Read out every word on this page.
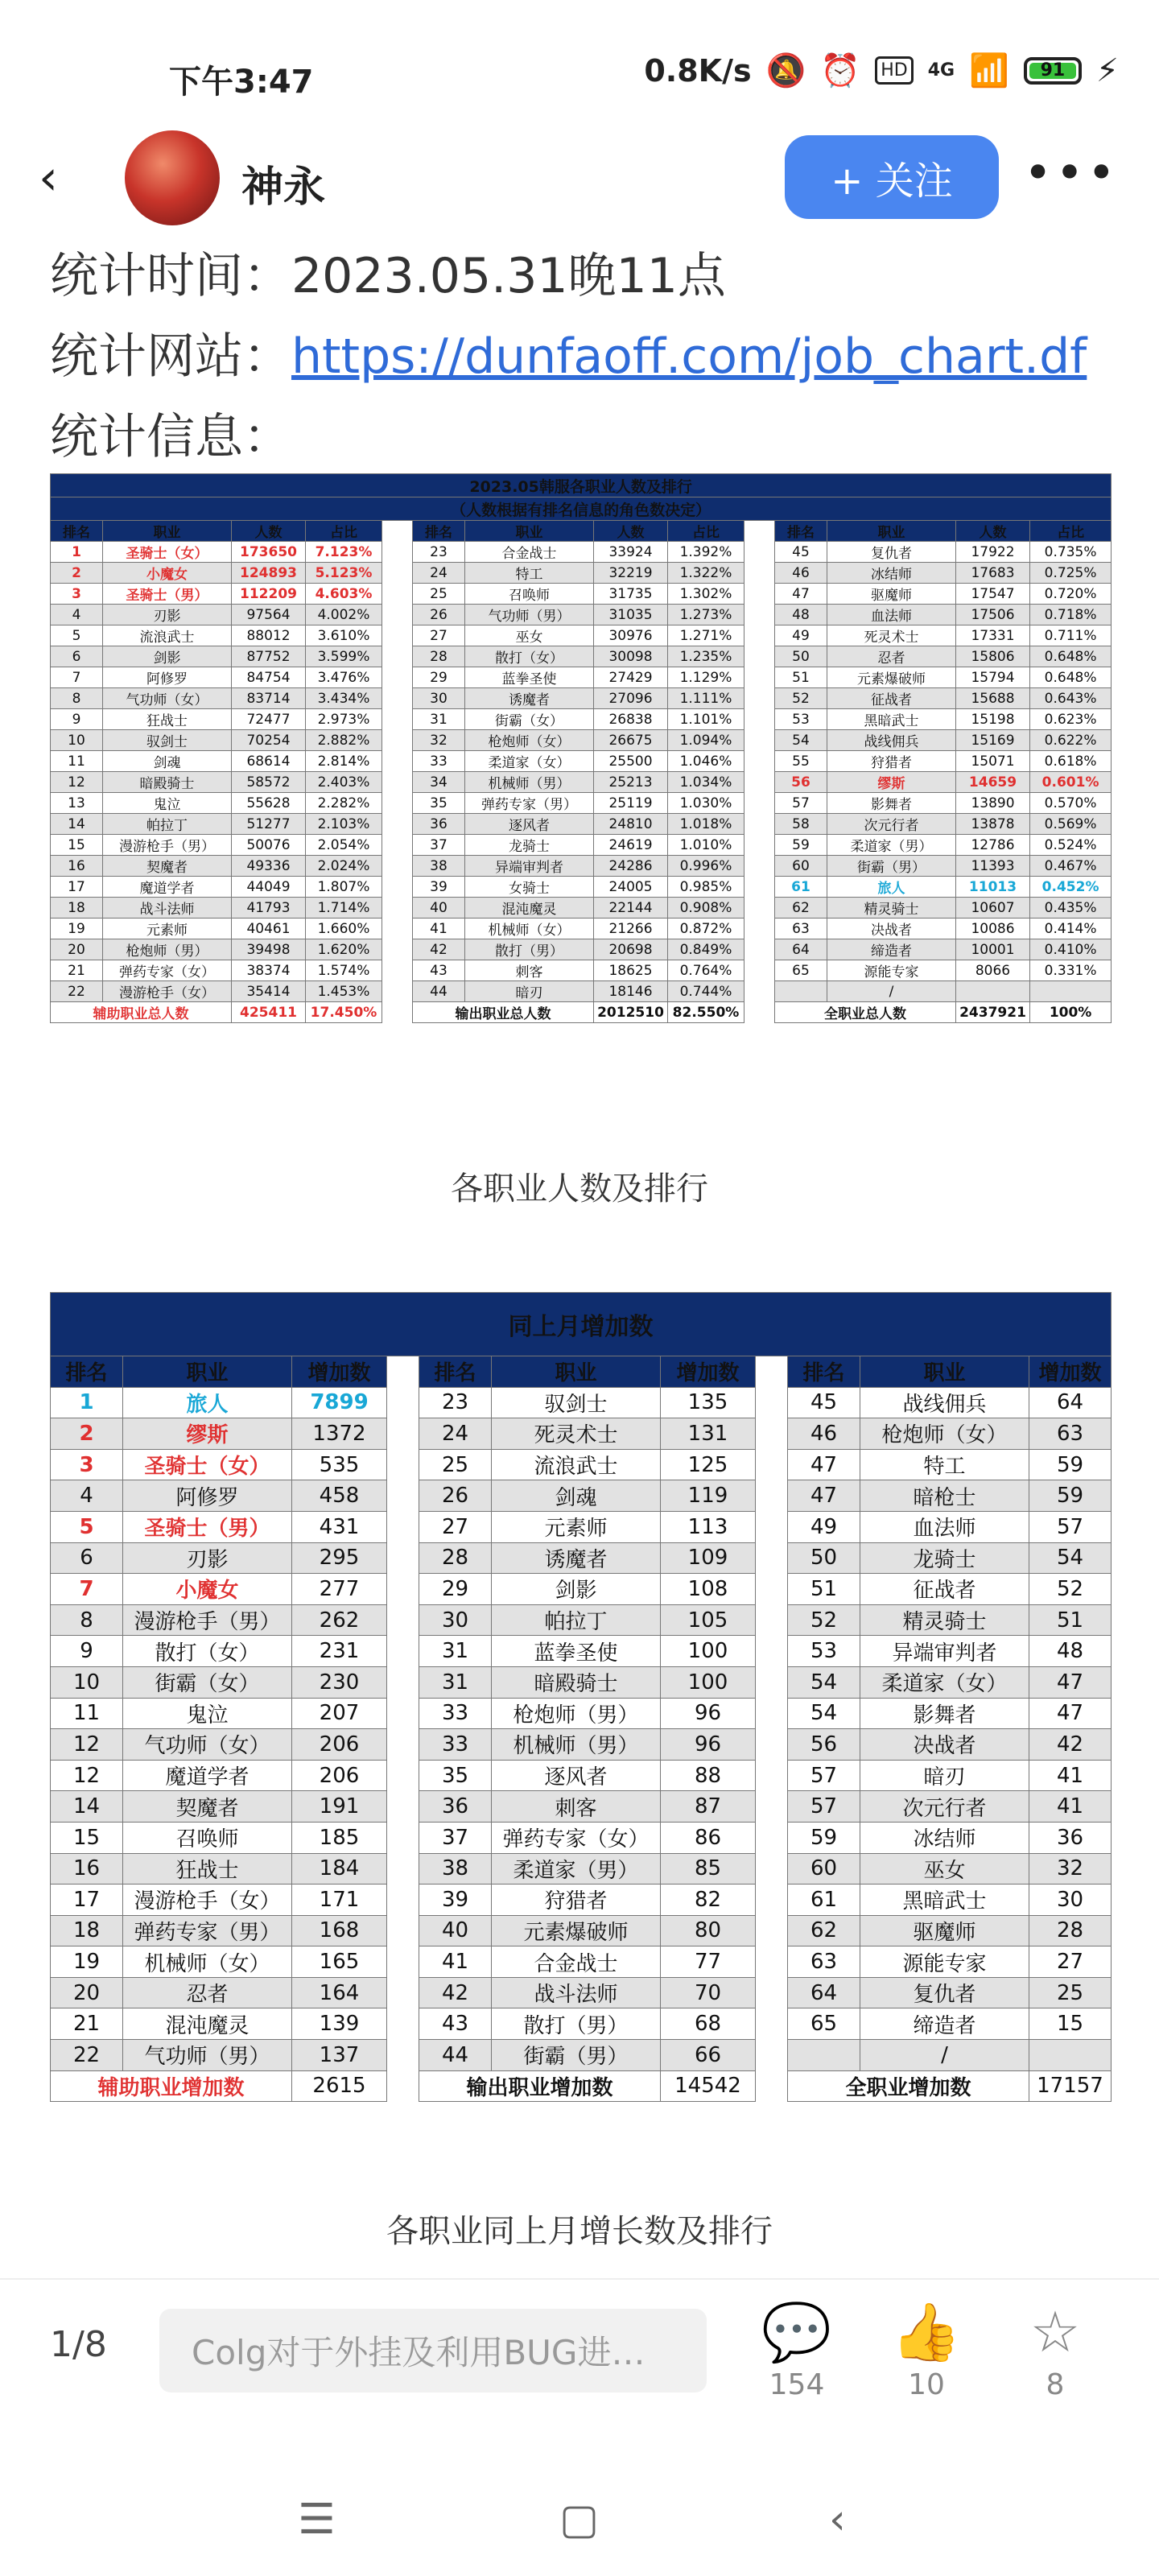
下午3:47	0.8K/s 🔕 ⏰	HD	4G 📶	91 ⚡
‹	神永	+ 关注	•••
统计时间：2023.05.31晚11点
统计网站：https://dunfaoff.com/job_chart.df
统计信息：
2023.05韩服各职业人数及排行													
（人数根据有排名信息的角色数决定）													
排名	职业	人数	占比		排名	职业	人数	占比		排名	职业	人数	占比
1	圣骑士（女）	173650	7.123%		23	合金战士	33924	1.392%		45	复仇者	17922	0.735%
2	小魔女	124893	5.123%		24	特工	32219	1.322%		46	冰结师	17683	0.725%
3	圣骑士（男）	112209	4.603%		25	召唤师	31735	1.302%		47	驱魔师	17547	0.720%
4	刃影	97564	4.002%		26	气功师（男）	31035	1.273%		48	血法师	17506	0.718%
5	流浪武士	88012	3.610%		27	巫女	30976	1.271%		49	死灵术士	17331	0.711%
6	剑影	87752	3.599%		28	散打（女）	30098	1.235%		50	忍者	15806	0.648%
7	阿修罗	84754	3.476%		29	蓝拳圣使	27429	1.129%		51	元素爆破师	15794	0.648%
8	气功师（女）	83714	3.434%		30	诱魔者	27096	1.111%		52	征战者	15688	0.643%
9	狂战士	72477	2.973%		31	街霸（女）	26838	1.101%		53	黑暗武士	15198	0.623%
10	驭剑士	70254	2.882%		32	枪炮师（女）	26675	1.094%		54	战线佣兵	15169	0.622%
11	剑魂	68614	2.814%		33	柔道家（女）	25500	1.046%		55	狩猎者	15071	0.618%
12	暗殿骑士	58572	2.403%		34	机械师（男）	25213	1.034%		56	缪斯	14659	0.601%
13	鬼泣	55628	2.282%		35	弹药专家（男）	25119	1.030%		57	影舞者	13890	0.570%
14	帕拉丁	51277	2.103%		36	逐风者	24810	1.018%		58	次元行者	13878	0.569%
15	漫游枪手（男）	50076	2.054%		37	龙骑士	24619	1.010%		59	柔道家（男）	12786	0.524%
16	契魔者	49336	2.024%		38	异端审判者	24286	0.996%		60	街霸（男）	11393	0.467%
17	魔道学者	44049	1.807%		39	女骑士	24005	0.985%		61	旅人	11013	0.452%
18	战斗法师	41793	1.714%		40	混沌魔灵	22144	0.908%		62	精灵骑士	10607	0.435%
19	元素师	40461	1.660%		41	机械师（女）	21266	0.872%		63	决战者	10086	0.414%
20	枪炮师（男）	39498	1.620%		42	散打（男）	20698	0.849%		64	缔造者	10001	0.410%
21	弹药专家（女）	38374	1.574%		43	刺客	18625	0.764%		65	源能专家	8066	0.331%
22	漫游枪手（女）	35414	1.453%		44	暗刃	18146	0.744%			/		
辅助职业总人数		425411	17.450%		输出职业总人数		2012510	82.550%		全职业总人数		2437921	100%
各职业人数及排行
同上月增加数										
排名	职业	增加数		排名	职业	增加数		排名	职业	增加数
1	旅人	7899		23	驭剑士	135		45	战线佣兵	64
2	缪斯	1372		24	死灵术士	131		46	枪炮师（女）	63
3	圣骑士（女）	535		25	流浪武士	125		47	特工	59
4	阿修罗	458		26	剑魂	119		47	暗枪士	59
5	圣骑士（男）	431		27	元素师	113		49	血法师	57
6	刃影	295		28	诱魔者	109		50	龙骑士	54
7	小魔女	277		29	剑影	108		51	征战者	52
8	漫游枪手（男）	262		30	帕拉丁	105		52	精灵骑士	51
9	散打（女）	231		31	蓝拳圣使	100		53	异端审判者	48
10	街霸（女）	230		31	暗殿骑士	100		54	柔道家（女）	47
11	鬼泣	207		33	枪炮师（男）	96		54	影舞者	47
12	气功师（女）	206		33	机械师（男）	96		56	决战者	42
12	魔道学者	206		35	逐风者	88		57	暗刃	41
14	契魔者	191		36	刺客	87		57	次元行者	41
15	召唤师	185		37	弹药专家（女）	86		59	冰结师	36
16	狂战士	184		38	柔道家（男）	85		60	巫女	32
17	漫游枪手（女）	171		39	狩猎者	82		61	黑暗武士	30
18	弹药专家（男）	168		40	元素爆破师	80		62	驱魔师	28
19	机械师（女）	165		41	合金战士	77		63	源能专家	27
20	忍者	164		42	战斗法师	70		64	复仇者	25
21	混沌魔灵	139		43	散打（男）	68		65	缔造者	15
22	气功师（男）	137		44	街霸（男）	66			/	
辅助职业增加数		2615		输出职业增加数		14542		全职业增加数		17157
各职业同上月增长数及排行
1/8	Colg对于外挂及利用BUG进…	💬
154
👍
10
☆
8
☰	▢	‹
